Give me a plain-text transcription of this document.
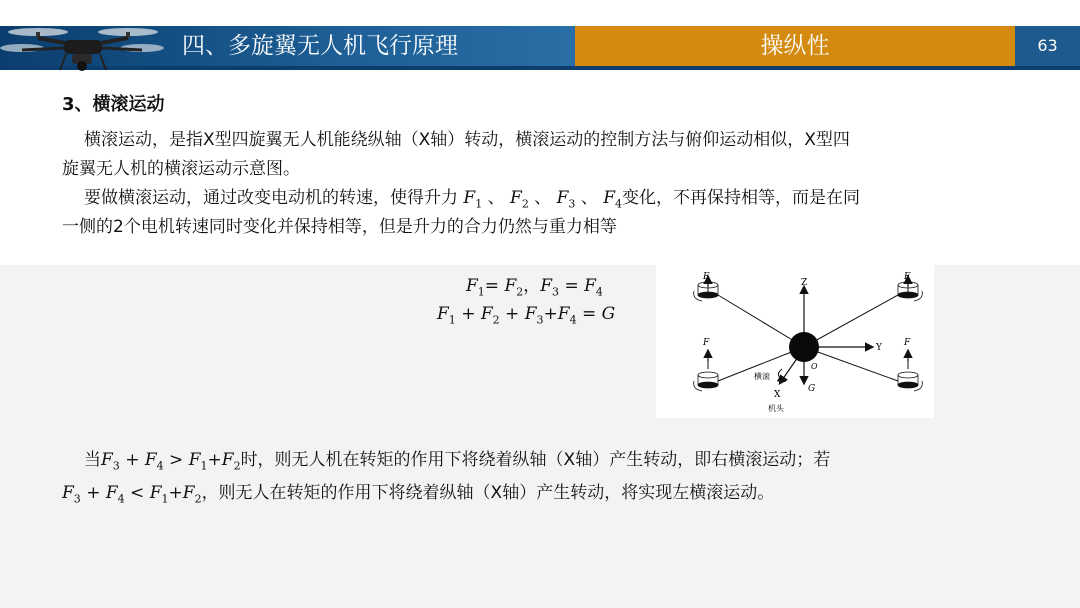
四、多旋翼无人机飞行原理	操纵性	63
3、横滚运动
横滚运动，是指X型四旋翼无人机能绕纵轴（X轴）转动，横滚运动的控制方法与俯仰运动相似，X型四
旋翼无人机的横滚运动示意图。
要做横滚运动，通过改变电动机的转速，使得升力 $F_1$ 、 $F_2$ 、 $F_3$ 、 $F_4$变化，不再保持相等，而是在同
一侧的2个电机转速同时变化并保持相等，但是升力的合力仍然与重力相等
$F_1= F_2$，$F_3 = F_4$
$F_1 + F_2 + F_3+F_4 = G$
F	F
F	F
Z
Y
X
G
O
横滚
机头
当$F_3 + F_4 > F_1+F_2$时，则无人机在转矩的作用下将绕着纵轴（X轴）产生转动，即右横滚运动；若
$F_3 + F_4 < F_1+F_2$，则无人在转矩的作用下将绕着纵轴（X轴）产生转动，将实现左横滚运动。
